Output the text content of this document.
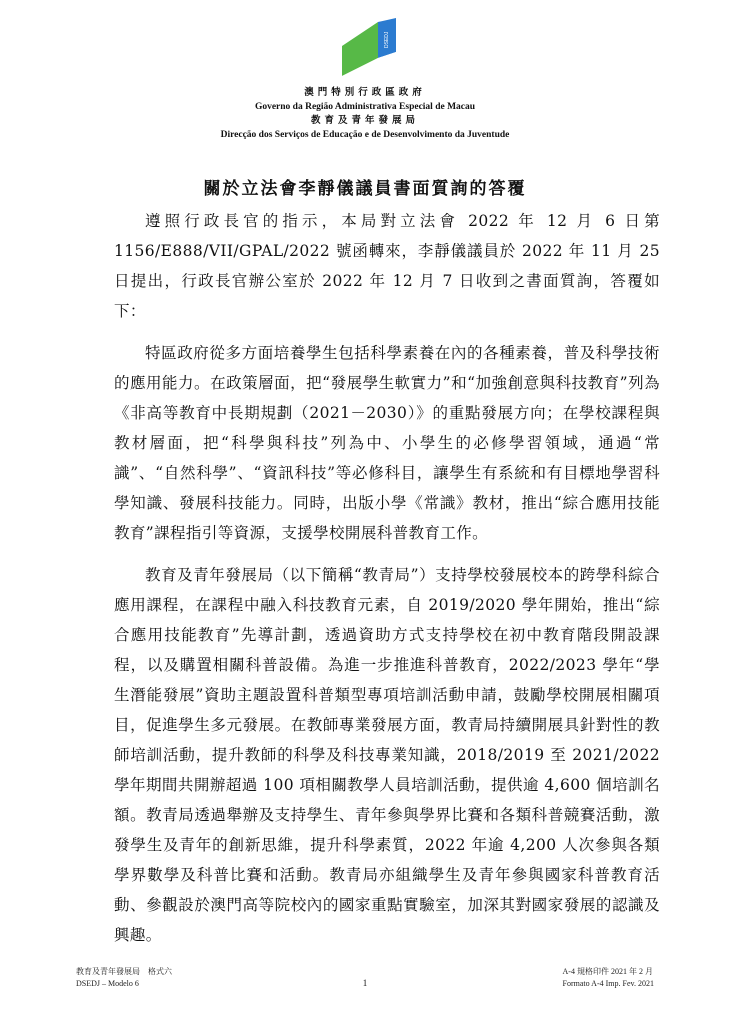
DSEDJ
澳門特別行政區政府
Governo da Região Administrativa Especial de Macau
教育及青年發展局
Direcção dos Serviços de Educação e de Desenvolvimento da Juventude
關於立法會李靜儀議員書面質詢的答覆

遵照行政長官的指示，本局對立法會 2022 年 12 月 6 日第 1156/E888/VII/GPAL/2022 號函轉來，李靜儀議員於 2022 年 11 月 25 日提出，行政長官辦公室於 2022 年 12 月 7 日收到之書面質詢，答覆如下：

特區政府從多方面培養學生包括科學素養在內的各種素養，普及科學技術的應用能力。在政策層面，把“發展學生軟實力”和“加強創意與科技教育”列為《非高等教育中長期規劃（2021－2030）》的重點發展方向；在學校課程與教材層面，把“科學與科技”列為中、小學生的必修學習領域，通過“常識”、“自然科學”、“資訊科技”等必修科目，讓學生有系統和有目標地學習科學知識、發展科技能力。同時，出版小學《常識》教材，推出“綜合應用技能教育”課程指引等資源，支援學校開展科普教育工作。

教育及青年發展局（以下簡稱“教青局”）支持學校發展校本的跨學科綜合應用課程，在課程中融入科技教育元素，自 2019/2020 學年開始，推出“綜合應用技能教育”先導計劃，透過資助方式支持學校在初中教育階段開設課程，以及購置相關科普設備。為進一步推進科普教育，2022/2023 學年“學生潛能發展”資助主題設置科普類型專項培訓活動申請，鼓勵學校開展相關項目，促進學生多元發展。在教師專業發展方面，教青局持續開展具針對性的教師培訓活動，提升教師的科學及科技專業知識，2018/2019 至 2021/2022 學年期間共開辦超過 100 項相關教學人員培訓活動，提供逾 4,600 個培訓名額。教青局透過舉辦及支持學生、青年參與學界比賽和各類科普競賽活動，激發學生及青年的創新思維，提升科學素質，2022 年逾 4,200 人次參與各類學界數學及科普比賽和活動。教青局亦組織學生及青年參與國家科普教育活動、參觀設於澳門高等院校內的國家重點實驗室，加深其對國家發展的認識及興趣。

教育及青年發展局　格式六
DSEDJ – Modelo 6	1
A-4 規格印件 2021 年 2 月
Formato A-4 Imp. Fev. 2021
